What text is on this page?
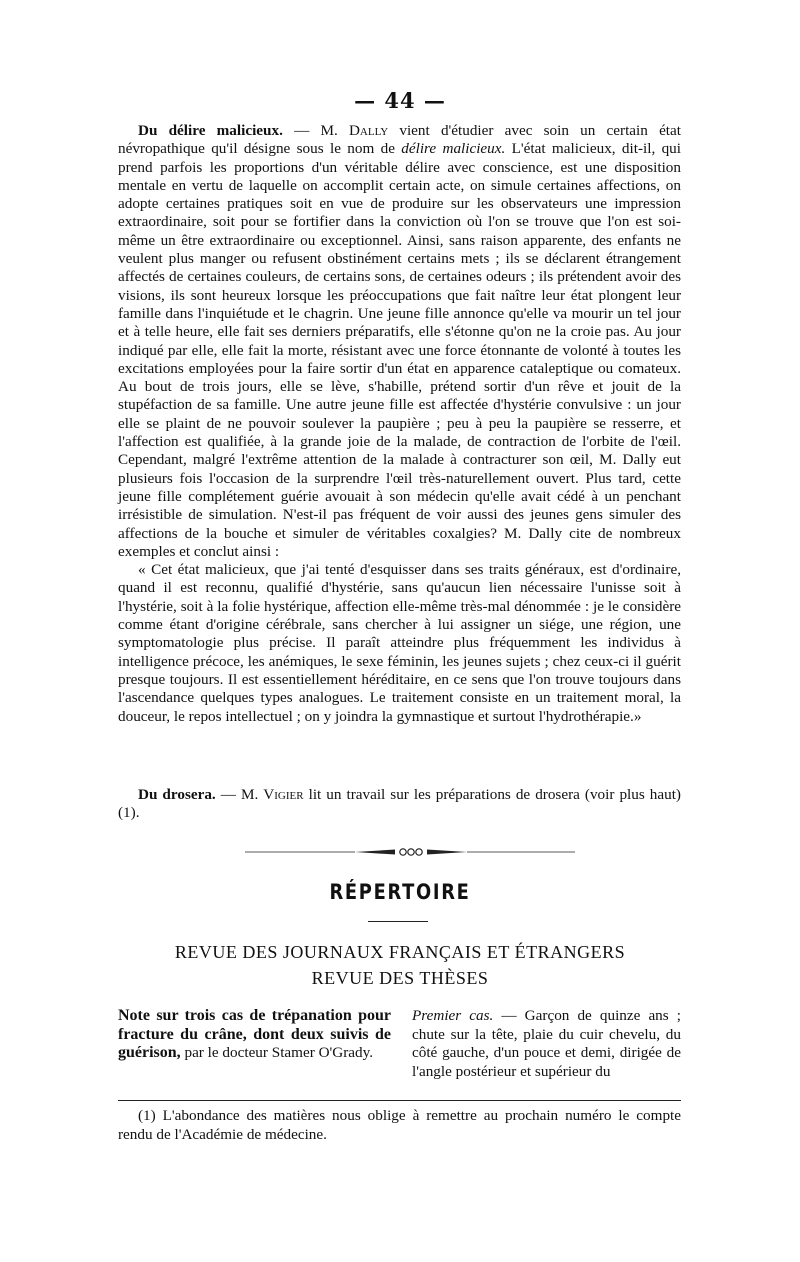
— 44 —

Du délire malicieux. — M. Dally vient d'étudier avec soin un certain état névropathique qu'il désigne sous le nom de délire malicieux. L'état malicieux, dit-il, qui prend parfois les proportions d'un véritable délire avec conscience, est une disposition mentale en vertu de laquelle on accomplit certain acte, on simule certaines affections, on adopte certaines pratiques soit en vue de produire sur les observateurs une impression extraordinaire, soit pour se fortifier dans la conviction où l'on se trouve que l'on est soi-même un être extraordinaire ou exceptionnel. Ainsi, sans raison apparente, des enfants ne veulent plus manger ou refusent obstinément certains mets ; ils se déclarent étrangement affectés de certaines couleurs, de certains sons, de certaines odeurs ; ils prétendent avoir des visions, ils sont heureux lorsque les préoccupations que fait naître leur état plongent leur famille dans l'inquiétude et le chagrin. Une jeune fille annonce qu'elle va mourir un tel jour et à telle heure, elle fait ses derniers préparatifs, elle s'étonne qu'on ne la croie pas. Au jour indiqué par elle, elle fait la morte, résistant avec une force étonnante de volonté à toutes les excitations employées pour la faire sortir d'un état en apparence cataleptique ou comateux. Au bout de trois jours, elle se lève, s'habille, prétend sortir d'un rêve et jouit de la stupéfaction de sa famille. Une autre jeune fille est affectée d'hystérie convulsive : un jour elle se plaint de ne pouvoir soulever la paupière ; peu à peu la paupière se resserre, et l'affection est qualifiée, à la grande joie de la malade, de contraction de l'orbite de l'œil. Cependant, malgré l'extrême attention de la malade à contracturer son œil, M. Dally eut plusieurs fois l'occasion de la surprendre l'œil très-naturellement ouvert. Plus tard, cette jeune fille complétement guérie avouait à son médecin qu'elle avait cédé à un penchant irrésistible de simulation. N'est-il pas fréquent de voir aussi des jeunes gens simuler des affections de la bouche et simuler de véritables coxalgies? M. Dally cite de nombreux exemples et conclut ainsi :

« Cet état malicieux, que j'ai tenté d'esquisser dans ses traits généraux, est d'ordinaire, quand il est reconnu, qualifié d'hystérie, sans qu'aucun lien nécessaire l'unisse soit à l'hystérie, soit à la folie hystérique, affection elle-même très-mal dénommée : je le considère comme étant d'origine cérébrale, sans chercher à lui assigner un siége, une région, une symptomatologie plus précise. Il paraît atteindre plus fréquemment les individus à intelligence précoce, les anémiques, le sexe féminin, les jeunes sujets ; chez ceux-ci il guérit presque toujours. Il est essentiellement héréditaire, en ce sens que l'on trouve toujours dans l'ascendance quelques types analogues. Le traitement consiste en un traitement moral, la douceur, le repos intellectuel ; on y joindra la gymnastique et surtout l'hydrothérapie.»

Du drosera. — M. Vigier lit un travail sur les préparations de drosera (voir plus haut) (1).

RÉPERTOIRE
REVUE DES JOURNAUX FRANÇAIS ET ÉTRANGERS
REVUE DES THÈSES
Note sur trois cas de trépanation pour fracture du crâne, dont deux suivis de guérison, par le docteur Stamer O'Grady.
Premier cas. — Garçon de quinze ans ; chute sur la tête, plaie du cuir chevelu, du côté gauche, d'un pouce et demi, dirigée de l'angle postérieur et supérieur du

(1) L'abondance des matières nous oblige à remettre au prochain numéro le compte rendu de l'Académie de médecine.
